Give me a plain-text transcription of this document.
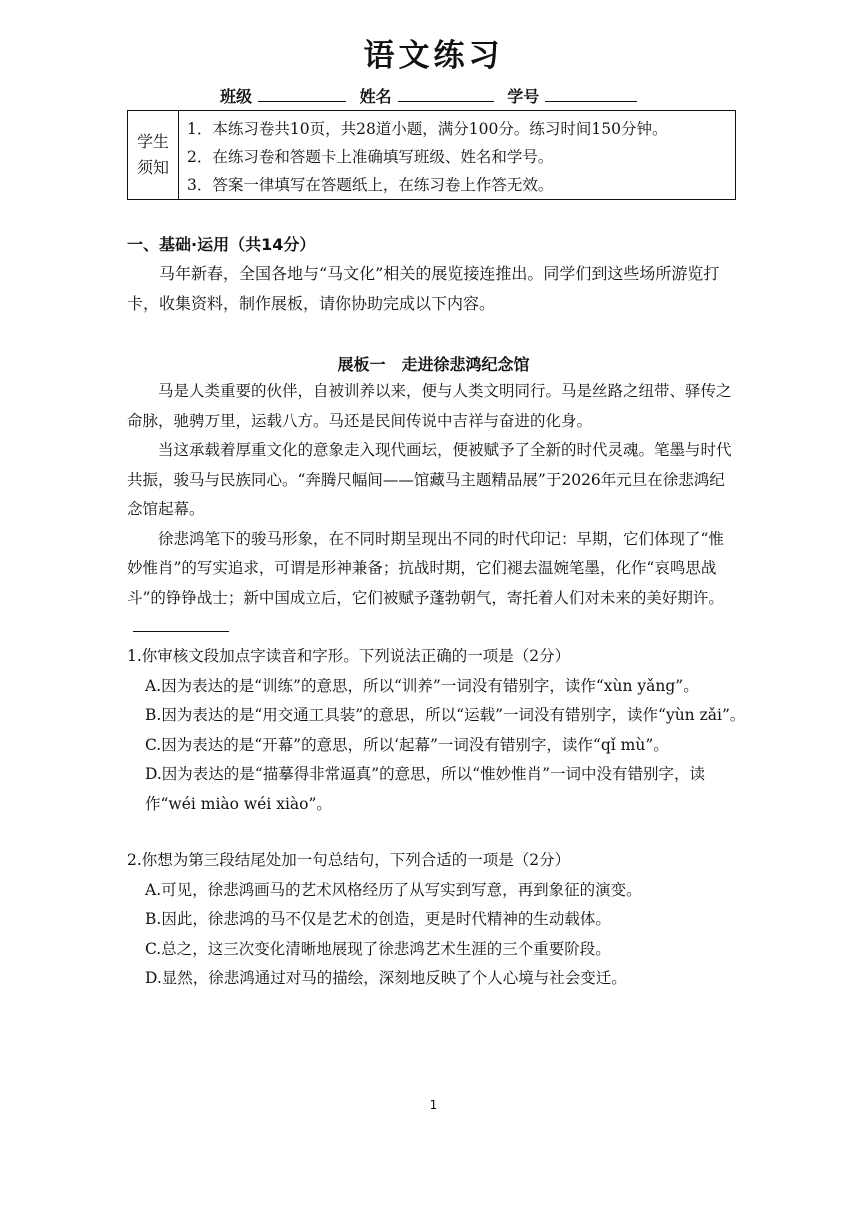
语文练习
班级	姓名	学号
学生
须知
1．本练习卷共10页，共28道小题，满分100分。练习时间150分钟。
2．在练习卷和答题卡上准确填写班级、姓名和学号。
3．答案一律填写在答题纸上，在练习卷上作答无效。
一、基础·运用（共14分）
马年新春，全国各地与“马文化”相关的展览接连推出。同学们到这些场所游览打卡，收集资料，制作展板，请你协助完成以下内容。
展板一　走进徐悲鸿纪念馆

马是人类重要的伙伴，自被训养以来，便与人类文明同行。马是丝路之纽带、驿传之命脉，驰骋万里，运载八方。马还是民间传说中吉祥与奋进的化身。

当这承载着厚重文化的意象走入现代画坛，便被赋予了全新的时代灵魂。笔墨与时代共振，骏马与民族同心。“奔腾尺幅间——馆藏马主题精品展”于2026年元旦在徐悲鸿纪念馆起幕。

徐悲鸿笔下的骏马形象，在不同时期呈现出不同的时代印记：早期，它们体现了“惟妙惟肖”的写实追求，可谓是形神兼备；抗战时期，它们褪去温婉笔墨，化作“哀鸣思战斗”的铮铮战士；新中国成立后，它们被赋予蓬勃朝气，寄托着人们对未来的美好期许。

1.你审核文段加点字读音和字形。下列说法正确的一项是（2分）

A.因为表达的是“训练”的意思，所以“训养”一词没有错别字，读作“xùn yǎng”。

B.因为表达的是“用交通工具装”的意思，所以“运载”一词没有错别字，读作“yùn zǎi”。

C.因为表达的是“开幕”的意思，所以‘起幕”一词没有错别字，读作“qǐ mù”。

D.因为表达的是“描摹得非常逼真”的意思，所以“惟妙惟肖”一词中没有错别字，读作“wéi miào wéi xiào”。

2.你想为第三段结尾处加一句总结句，下列合适的一项是（2分）

A.可见，徐悲鸿画马的艺术风格经历了从写实到写意，再到象征的演变。

B.因此，徐悲鸿的马不仅是艺术的创造，更是时代精神的生动载体。

C.总之，这三次变化清晰地展现了徐悲鸿艺术生涯的三个重要阶段。

D.显然，徐悲鸿通过对马的描绘，深刻地反映了个人心境与社会变迁。

1
